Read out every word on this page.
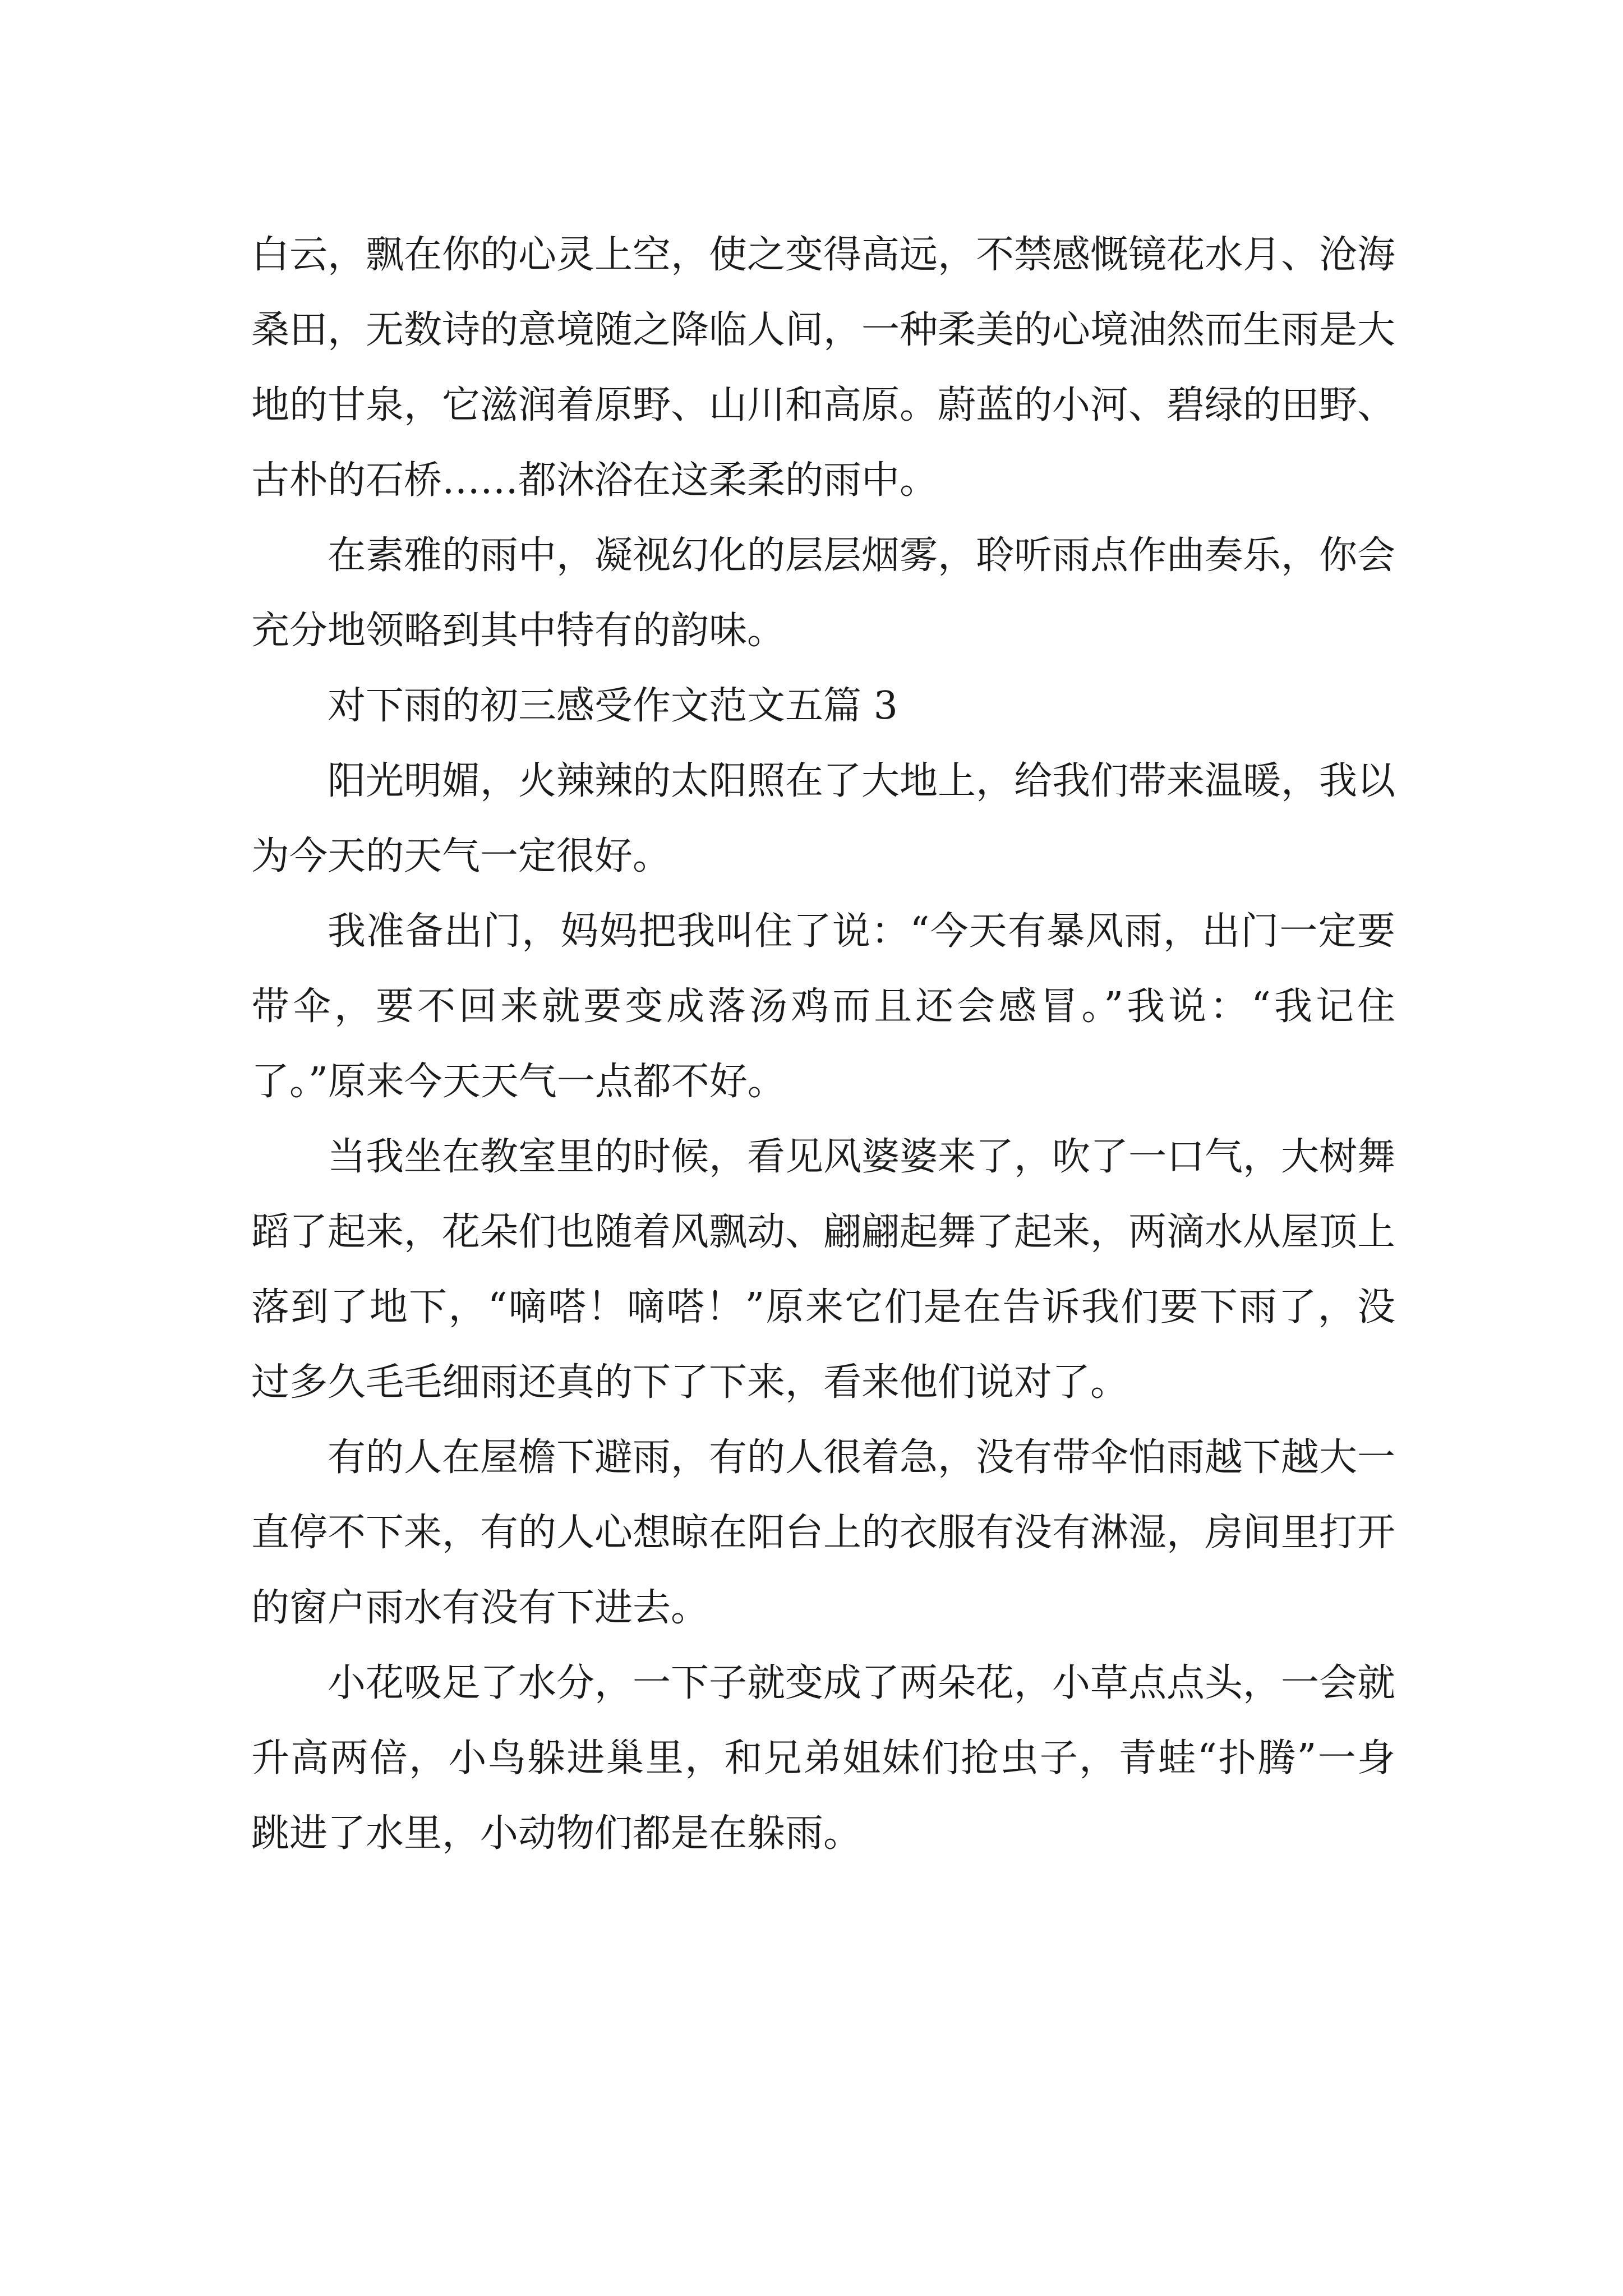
白云，飘在你的心灵上空，使之变得高远，不禁感慨镜花水月、沧海桑田，无数诗的意境随之降临人间，一种柔美的心境油然而生雨是大地的甘泉，它滋润着原野、山川和高原。蔚蓝的小河、碧绿的田野、古朴的石桥……都沐浴在这柔柔的雨中。

在素雅的雨中，凝视幻化的层层烟雾，聆听雨点作曲奏乐，你会充分地领略到其中特有的韵味。

对下雨的初三感受作文范文五篇 3

阳光明媚，火辣辣的太阳照在了大地上，给我们带来温暖，我以为今天的天气一定很好。

我准备出门，妈妈把我叫住了说：“今天有暴风雨，出门一定要带伞，要不回来就要变成落汤鸡而且还会感冒。”我说：“我记住了。”原来今天天气一点都不好。

当我坐在教室里的时候，看见风婆婆来了，吹了一口气，大树舞蹈了起来，花朵们也随着风飘动、翩翩起舞了起来，两滴水从屋顶上落到了地下，“嘀嗒！嘀嗒！”原来它们是在告诉我们要下雨了，没过多久毛毛细雨还真的下了下来，看来他们说对了。

有的人在屋檐下避雨，有的人很着急，没有带伞怕雨越下越大一直停不下来，有的人心想晾在阳台上的衣服有没有淋湿，房间里打开的窗户雨水有没有下进去。

小花吸足了水分，一下子就变成了两朵花，小草点点头，一会就升高两倍，小鸟躲进巢里，和兄弟姐妹们抢虫子，青蛙“扑腾”一身跳进了水里，小动物们都是在躲雨。
